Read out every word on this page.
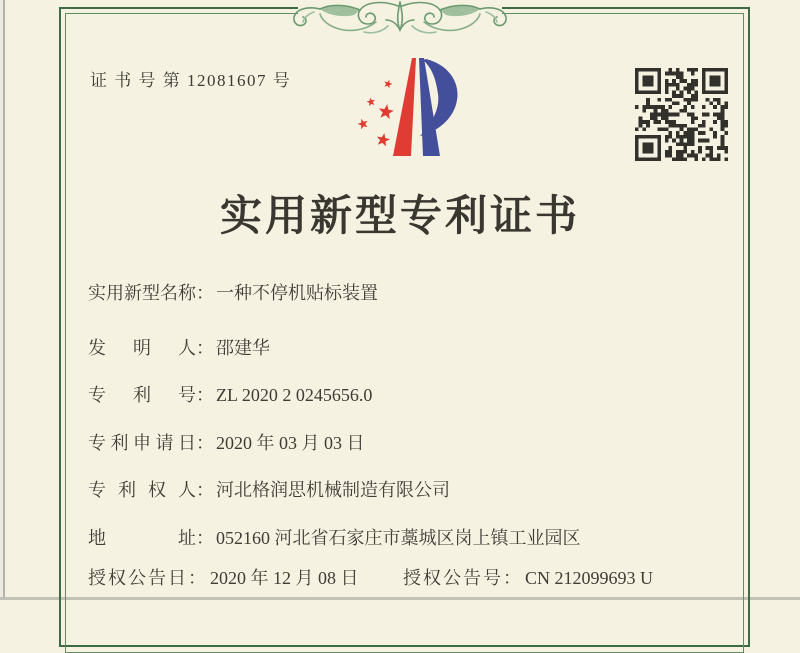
证 书 号 第 12081607 号
实用新型专利证书
实用新型名称： 一种不停机贴标装置
发明人： 邵建华
专利号： ZL 2020 2 0245656.0
专利申请日： 2020 年 03 月 03 日
专利权人： 河北格润思机械制造有限公司
地址： 052160 河北省石家庄市藁城区岗上镇工业园区
授权公告日： 2020 年 12 月 08 日 授权公告号： CN 212099693 U
